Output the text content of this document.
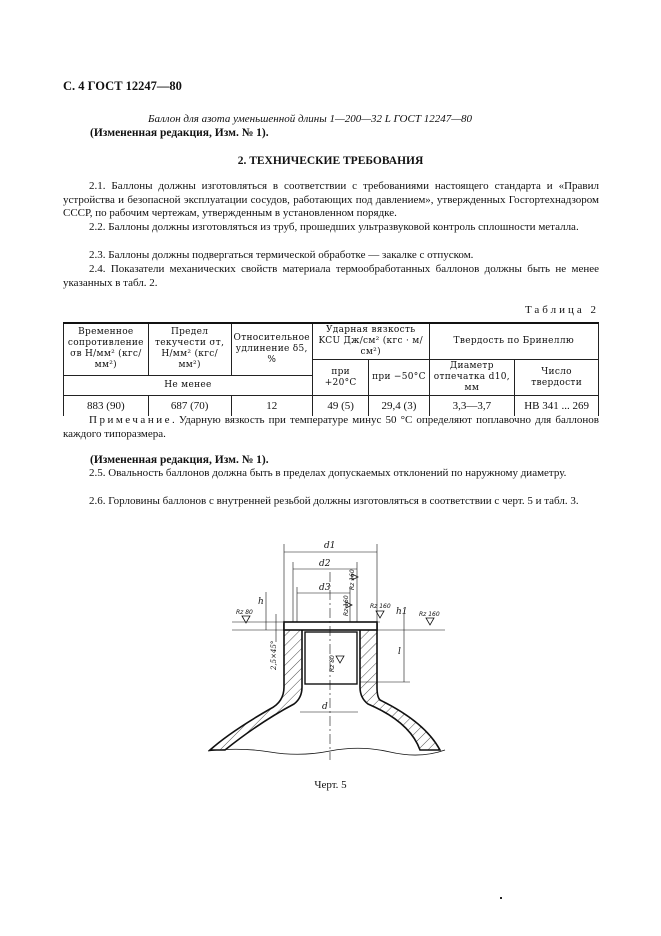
С. 4 ГОСТ 12247—80
Баллон для азота уменьшенной длины 1—200—32 L ГОСТ 12247—80
(Измененная редакция, Изм. № 1).
2. ТЕХНИЧЕСКИЕ ТРЕБОВАНИЯ
2.1. Баллоны должны изготовляться в соответствии с требованиями настоящего стандарта и «Правил устройства и безопасной эксплуатации сосудов, работающих под давлением», утвержденных Госгортехнадзором СССР, по рабочим чертежам, утвержденным в установленном порядке.
2.2. Баллоны должны изготовляться из труб, прошедших ультразвуковой контроль сплошности металла.
2.3. Баллоны должны подвергаться термической обработке — закалке с отпуском.
2.4. Показатели механических свойств материала термообработанных баллонов должны быть не менее указанных в табл. 2.
Таблица 2
Временное сопротивление σв Н/мм² (кгс/мм²)	Предел текучести σт, Н/мм² (кгс/мм²)	Относительное удлинение δ5, %	Ударная вязкость KCU Дж/см² (кгс · м/см²)		Твердость по Бринеллю	
			при +20°С	при −50°С	Диаметр отпечатка d10, мм	Число твердости
Не менее						
883 (90)	687 (70)	12	49 (5)	29,4 (3)	3,3—3,7	НВ 341 ... 269
Примечание. Ударную вязкость при температуре минус 50 °С определяют поплавочно для баллонов каждого типоразмера.
(Измененная редакция, Изм. № 1).
2.5. Овальность баллонов должна быть в пределах допускаемых отклонений по наружному диаметру.
2.6. Горловины баллонов с внутренней резьбой должны изготовляться в соответствии с черт. 5 и табл. 3.
d1
d2
d3
d
h
h1
l
2,5×45°
Rz 80
Rz 160
Rz 160	Rz 160
Rz 160
Rz 80
Черт. 5
